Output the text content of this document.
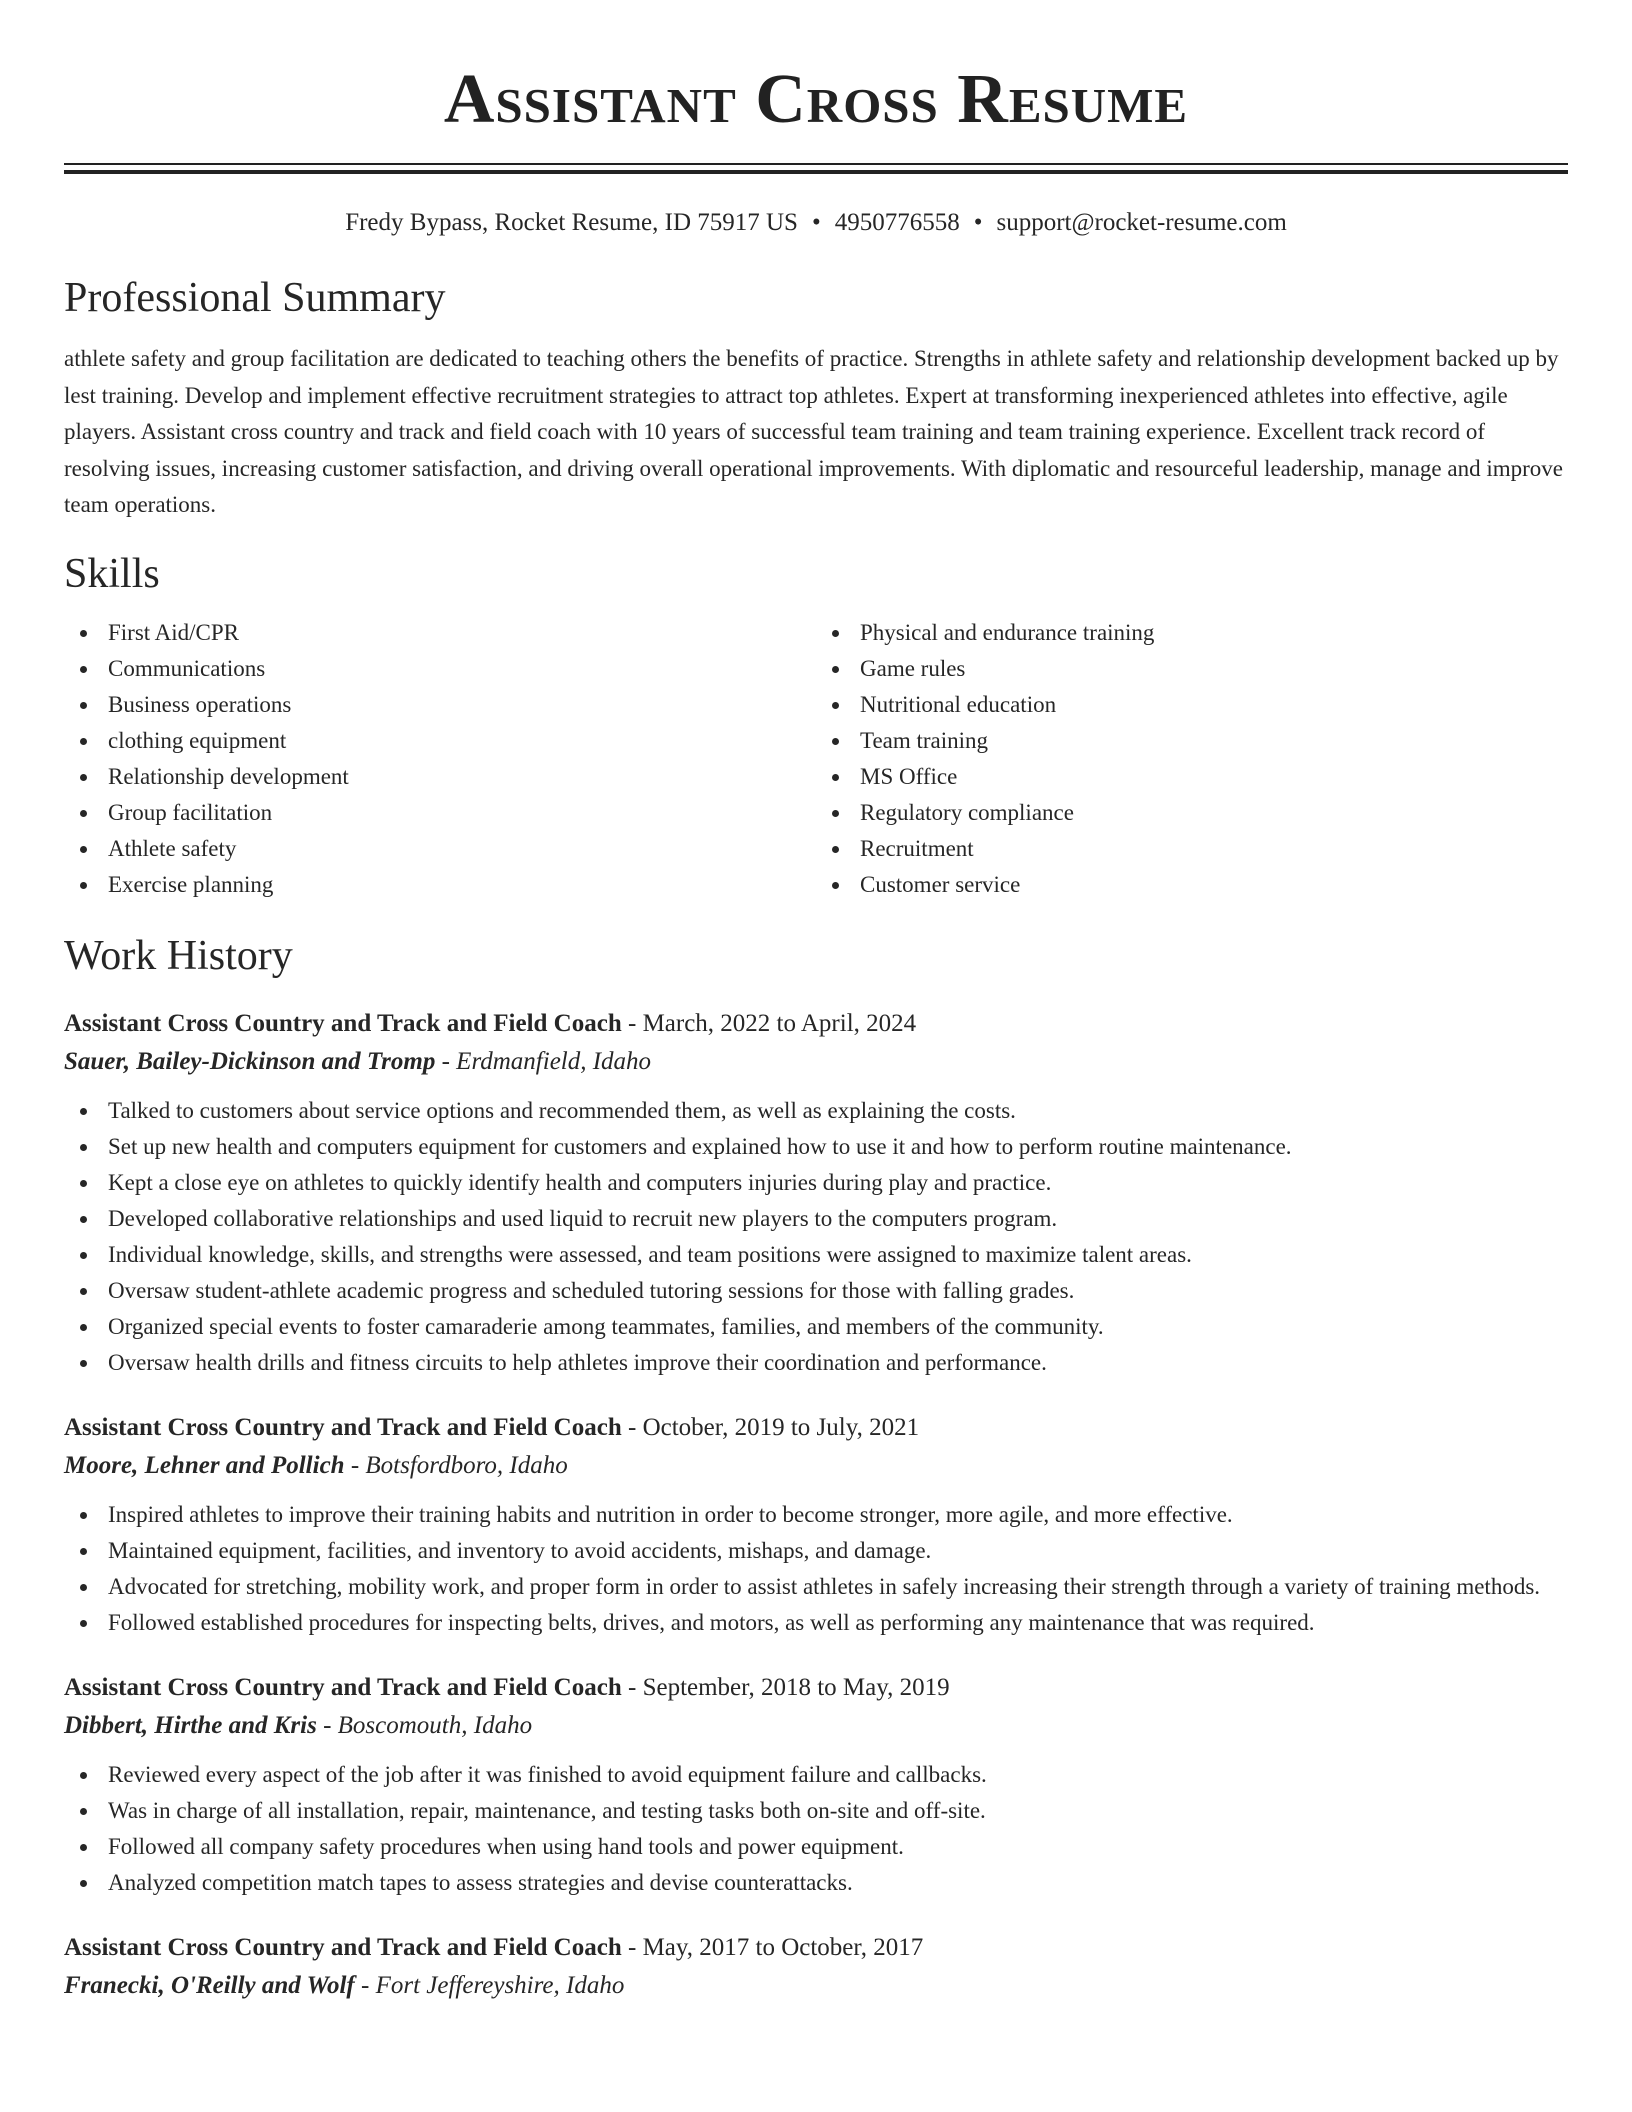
Assistant Cross Resume
Fredy Bypass, Rocket Resume, ID 75917 US • 4950776558 • support@rocket-resume.com
Professional Summary

athlete safety and group facilitation are dedicated to teaching others the benefits of practice. Strengths in athlete safety and relationship development backed up by lest training. Develop and implement effective recruitment strategies to attract top athletes. Expert at transforming inexperienced athletes into effective, agile players. Assistant cross country and track and field coach with 10 years of successful team training and team training experience. Excellent track record of resolving issues, increasing customer satisfaction, and driving overall operational improvements. With diplomatic and resourceful leadership, manage and improve team operations.

Skills
First Aid/CPR
Communications
Business operations
clothing equipment
Relationship development
Group facilitation
Athlete safety
Exercise planning
Physical and endurance training
Game rules
Nutritional education
Team training
MS Office
Regulatory compliance
Recruitment
Customer service
Work History
Assistant Cross Country and Track and Field Coach - March, 2022 to April, 2024
Sauer, Bailey-Dickinson and Tromp - Erdmanfield, Idaho
Talked to customers about service options and recommended them, as well as explaining the costs.
Set up new health and computers equipment for customers and explained how to use it and how to perform routine maintenance.
Kept a close eye on athletes to quickly identify health and computers injuries during play and practice.
Developed collaborative relationships and used liquid to recruit new players to the computers program.
Individual knowledge, skills, and strengths were assessed, and team positions were assigned to maximize talent areas.
Oversaw student-athlete academic progress and scheduled tutoring sessions for those with falling grades.
Organized special events to foster camaraderie among teammates, families, and members of the community.
Oversaw health drills and fitness circuits to help athletes improve their coordination and performance.
Assistant Cross Country and Track and Field Coach - October, 2019 to July, 2021
Moore, Lehner and Pollich - Botsfordboro, Idaho
Inspired athletes to improve their training habits and nutrition in order to become stronger, more agile, and more effective.
Maintained equipment, facilities, and inventory to avoid accidents, mishaps, and damage.
Advocated for stretching, mobility work, and proper form in order to assist athletes in safely increasing their strength through a variety of training methods.
Followed established procedures for inspecting belts, drives, and motors, as well as performing any maintenance that was required.
Assistant Cross Country and Track and Field Coach - September, 2018 to May, 2019
Dibbert, Hirthe and Kris - Boscomouth, Idaho
Reviewed every aspect of the job after it was finished to avoid equipment failure and callbacks.
Was in charge of all installation, repair, maintenance, and testing tasks both on-site and off-site.
Followed all company safety procedures when using hand tools and power equipment.
Analyzed competition match tapes to assess strategies and devise counterattacks.
Assistant Cross Country and Track and Field Coach - May, 2017 to October, 2017
Franecki, O'Reilly and Wolf - Fort Jeffereyshire, Idaho
